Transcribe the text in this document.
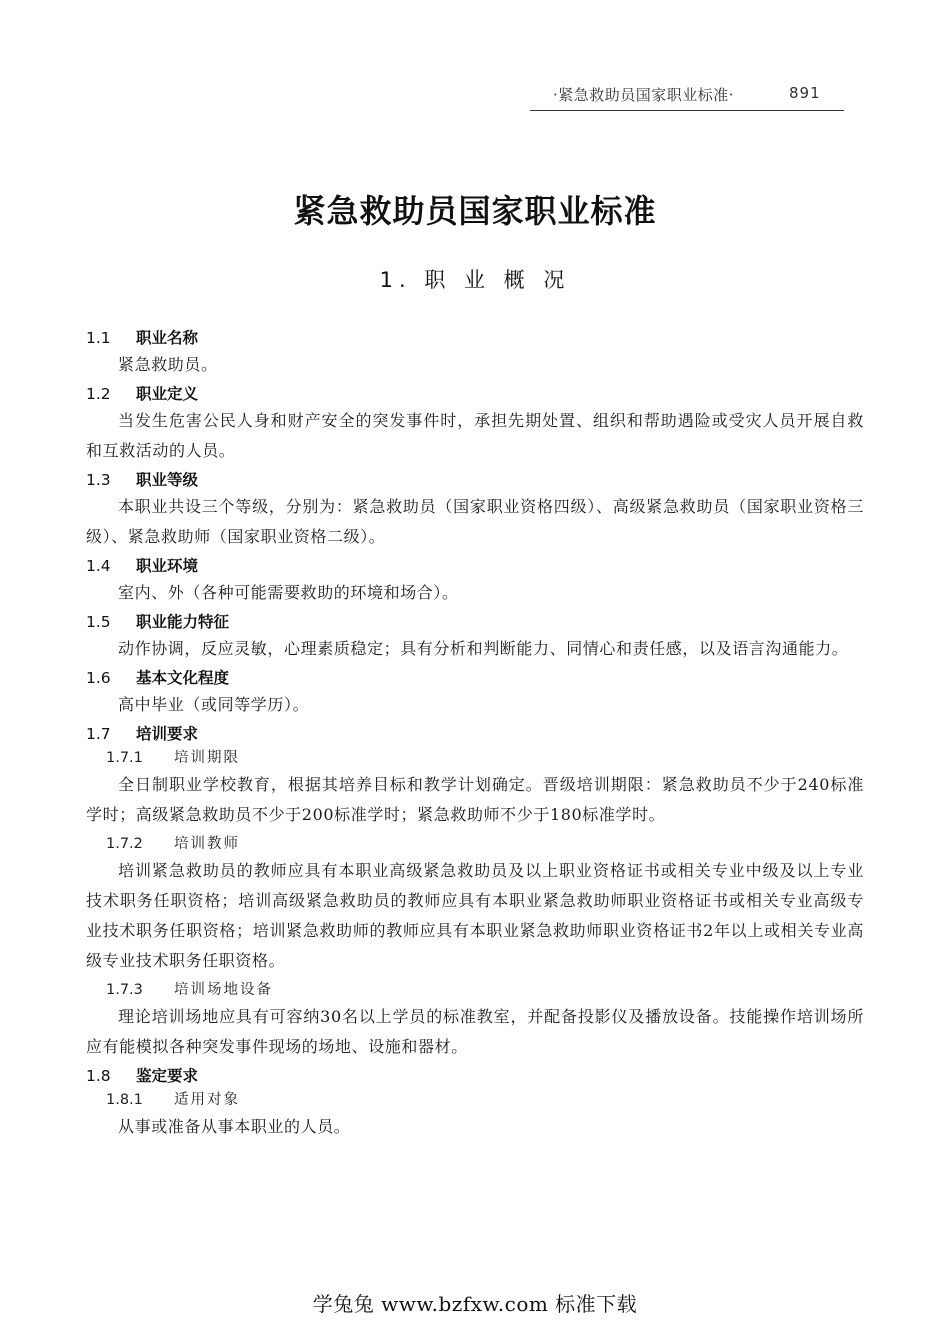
·紧急救助员国家职业标准·	891
紧急救助员国家职业标准
1. 职 业 概 况
1.1	职业名称

紧急救助员。

1.2	职业定义

当发生危害公民人身和财产安全的突发事件时，承担先期处置、组织和帮助遇险或受灾人员开展自救和互救活动的人员。

1.3	职业等级

本职业共设三个等级，分别为：紧急救助员（国家职业资格四级）、高级紧急救助员（国家职业资格三级）、紧急救助师（国家职业资格二级）。

1.4	职业环境

室内、外（各种可能需要救助的环境和场合）。

1.5	职业能力特征

动作协调，反应灵敏，心理素质稳定；具有分析和判断能力、同情心和责任感，以及语言沟通能力。

1.6	基本文化程度

高中毕业（或同等学历）。

1.7	培训要求
1.7.1	培训期限

全日制职业学校教育，根据其培养目标和教学计划确定。晋级培训期限：紧急救助员不少于240标准学时；高级紧急救助员不少于200标准学时；紧急救助师不少于180标准学时。

1.7.2	培训教师

培训紧急救助员的教师应具有本职业高级紧急救助员及以上职业资格证书或相关专业中级及以上专业技术职务任职资格；培训高级紧急救助员的教师应具有本职业紧急救助师职业资格证书或相关专业高级专业技术职务任职资格；培训紧急救助师的教师应具有本职业紧急救助师职业资格证书2年以上或相关专业高级专业技术职务任职资格。

1.7.3	培训场地设备

理论培训场地应具有可容纳30名以上学员的标准教室，并配备投影仪及播放设备。技能操作培训场所应有能模拟各种突发事件现场的场地、设施和器材。

1.8	鉴定要求
1.8.1	适用对象

从事或准备从事本职业的人员。

学兔兔 www.bzfxw.com 标准下载
